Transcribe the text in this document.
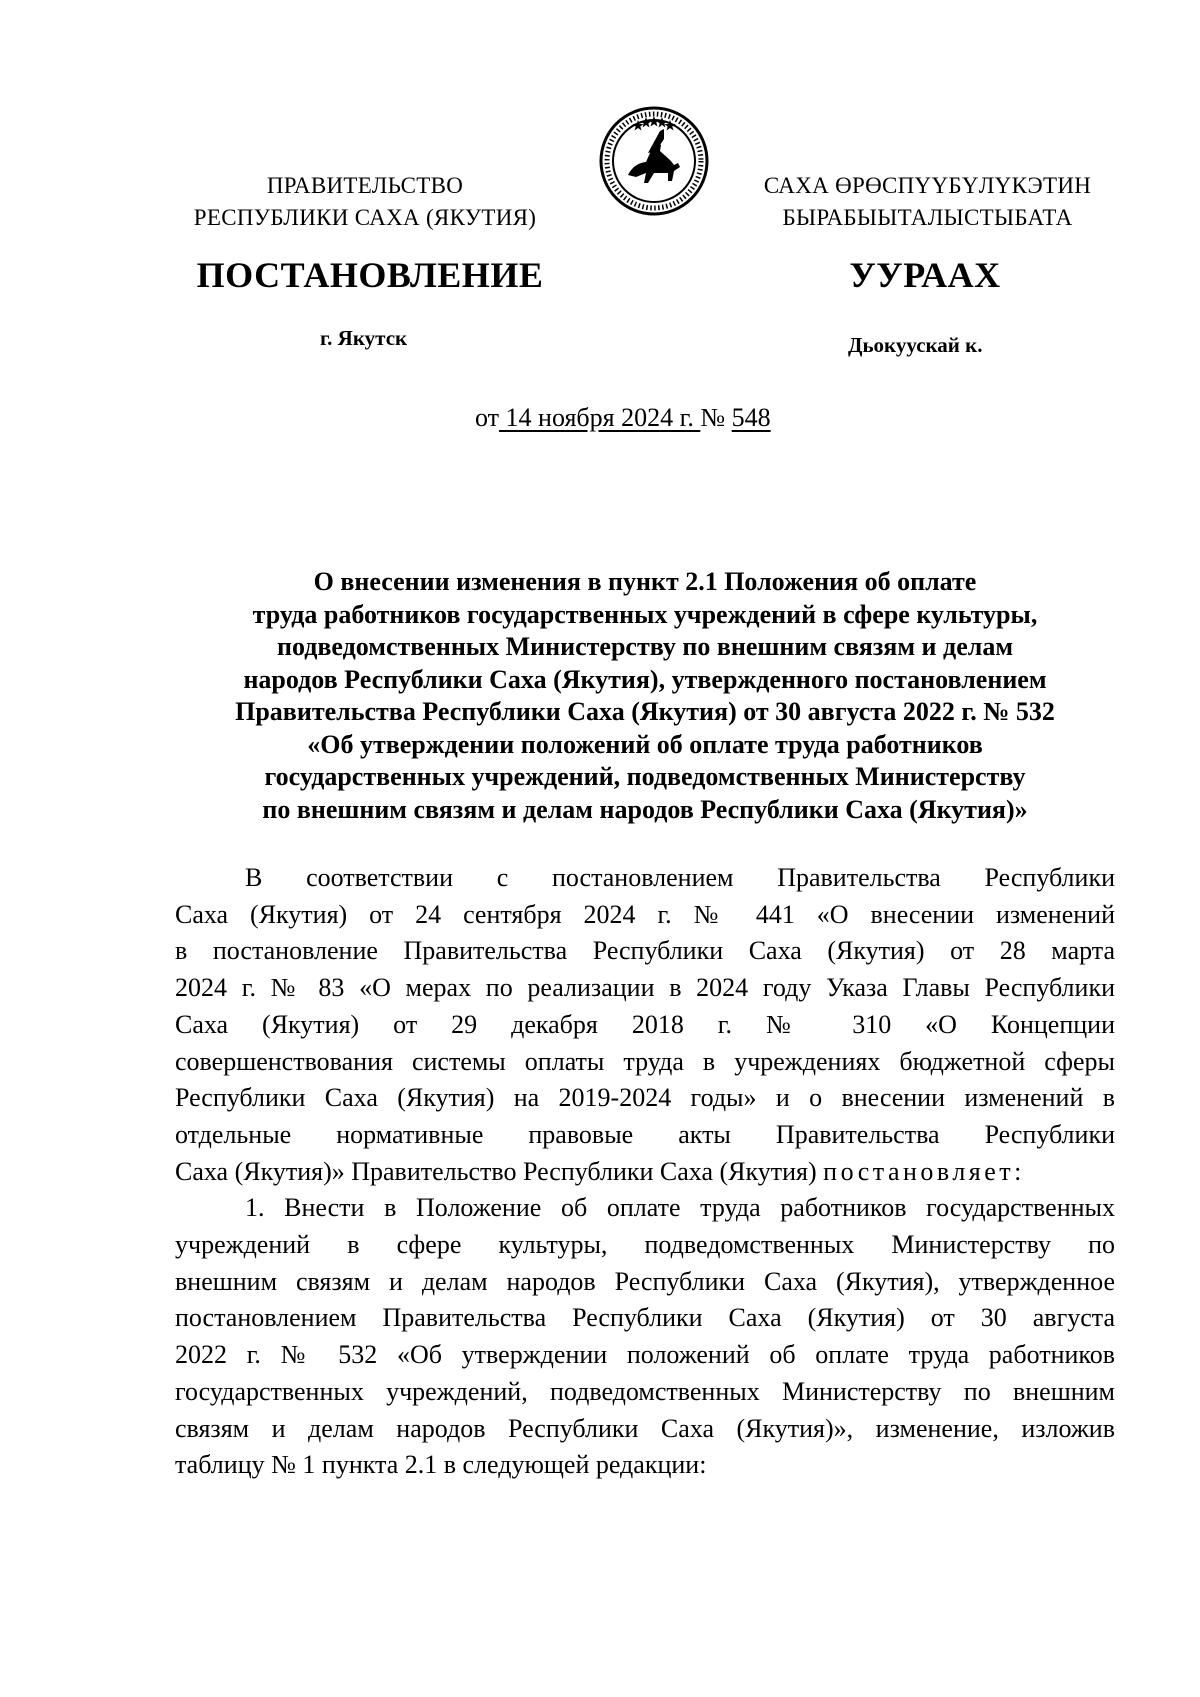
ПРАВИТЕЛЬСТВО
РЕСПУБЛИКИ САХА (ЯКУТИЯ)
САХА ӨРӨСПҮҮБҮЛҮКЭТИН
БЫРАБЫЫТАЛЫСТЫБАТА
ПОСТАНОВЛЕНИЕ	УУРААХ
г. Якутск	Дьокуускай к.
от 14 ноября 2024 г. № 548
О внесении изменения в пункт 2.1 Положения об оплате
труда работников государственных учреждений в сфере культуры,
подведомственных Министерству по внешним связям и делам
народов Республики Саха (Якутия), утвержденного постановлением
Правительства Республики Саха (Якутия) от 30 августа 2022 г. № 532
«Об утверждении положений об оплате труда работников
государственных учреждений, подведомственных Министерству
по внешним связям и делам народов Республики Саха (Якутия)»
В соответствии с постановлением Правительства Республики
Саха (Якутия) от 24 сентября 2024 г. № 441 «О внесении изменений
в постановление Правительства Республики Саха (Якутия) от 28 марта
2024 г. № 83 «О мерах по реализации в 2024 году Указа Главы Республики
Саха (Якутия) от 29 декабря 2018 г. № 310 «О Концепции
совершенствования системы оплаты труда в учреждениях бюджетной сферы
Республики Саха (Якутия) на 2019-2024 годы» и о внесении изменений в
отдельные нормативные правовые акты Правительства Республики
Саха (Якутия)» Правительство Республики Саха (Якутия) постановляет:
1. Внести в Положение об оплате труда работников государственных
учреждений в сфере культуры, подведомственных Министерству по
внешним связям и делам народов Республики Саха (Якутия), утвержденное
постановлением Правительства Республики Саха (Якутия) от 30 августа
2022 г. № 532 «Об утверждении положений об оплате труда работников
государственных учреждений, подведомственных Министерству по внешним
связям и делам народов Республики Саха (Якутия)», изменение, изложив
таблицу № 1 пункта 2.1 в следующей редакции:
